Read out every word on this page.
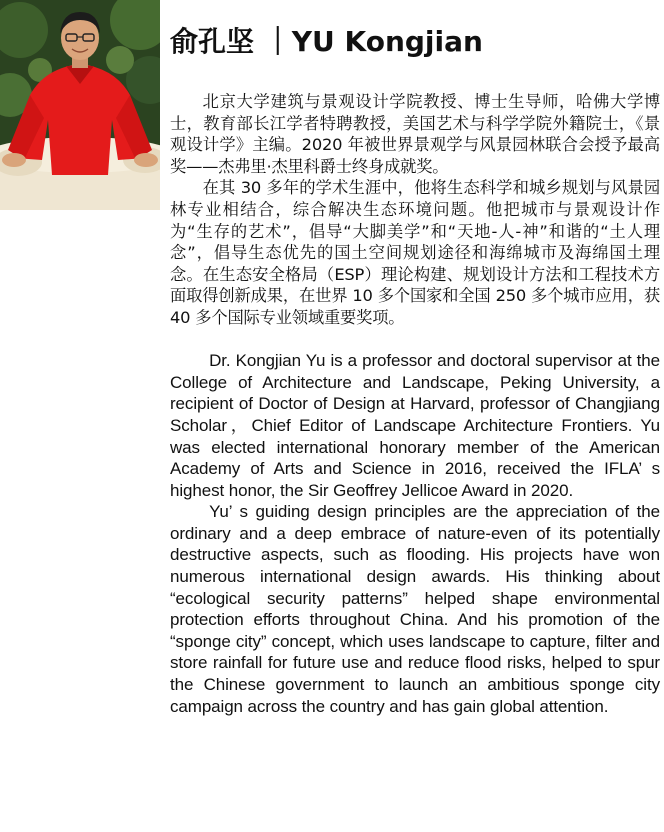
俞孔坚 ｜YU Kongjian

北京大学建筑与景观设计学院教授、博士生导师，哈佛大学博士，教育部长江学者特聘教授，美国艺术与科学学院外籍院士，《景观设计学》主编。2020 年被世界景观学与风景园林联合会授予最高奖——杰弗里·杰里科爵士终身成就奖。

在其 30 多年的学术生涯中，他将生态科学和城乡规划与风景园林专业相结合，综合解决生态环境问题。他把城市与景观设计作为“生存的艺术”，倡导“大脚美学”和“天地-人-神”和谐的“土人理念”，倡导生态优先的国土空间规划途径和海绵城市及海绵国土理念。在生态安全格局（ESP）理论构建、规划设计方法和工程技术方面取得创新成果，在世界 10 多个国家和全国 250 多个城市应用，获 40 多个国际专业领域重要奖项。

Dr. Kongjian Yu is a professor and doctoral supervisor at the College of Architecture and Landscape, Peking University, a recipient of Doctor of Design at Harvard, professor of Changjiang Scholar，Chief Editor of Landscape Architecture Frontiers. Yu was elected international honorary member of the American Academy of Arts and Science in 2016, received the IFLA’ s highest honor, the Sir Geoffrey Jellicoe Award in 2020.

Yu’ s guiding design principles are the appreciation of the ordinary and a deep embrace of nature-even of its potentially destructive aspects, such as flooding. His projects have won numerous international design awards. His thinking about “ecological security patterns” helped shape environmental protection efforts throughout China. And his promotion of the “sponge city” concept, which uses landscape to capture, filter and store rainfall for future use and reduce flood risks, helped to spur the Chinese government to launch an ambitious sponge city campaign across the country and has gain global attention.
